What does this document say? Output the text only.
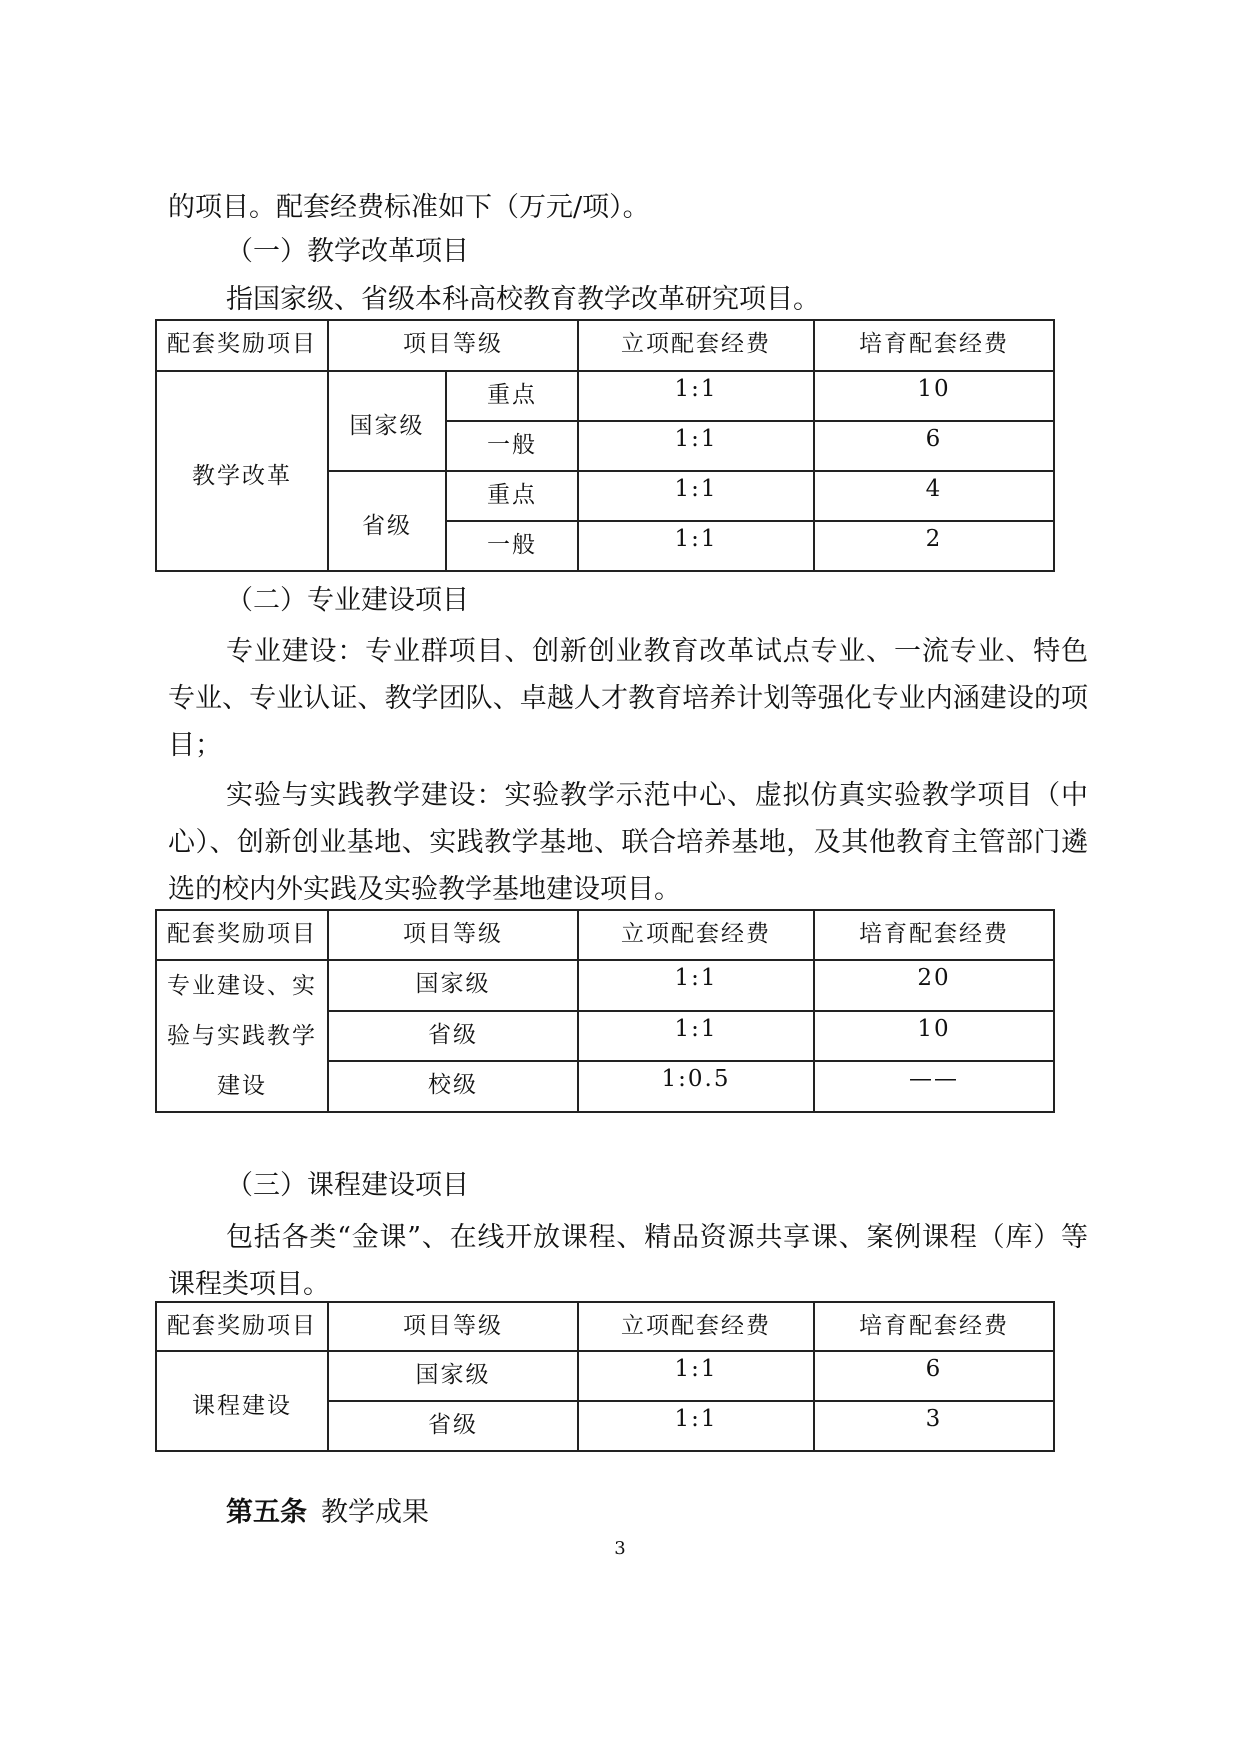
的项目。配套经费标准如下（万元/项）。

（一）教学改革项目

指国家级、省级本科高校教育教学改革研究项目。

配套奖励项目	项目等级		立项配套经费	培育配套经费
教学改革	国家级	重点	1:1	10
		一般	1:1	6
	省级	重点	1:1	4
		一般	1:1	2

（二）专业建设项目

专业建设：专业群项目、创新创业教育改革试点专业、一流专业、特色专业、专业认证、教学团队、卓越人才教育培养计划等强化专业内涵建设的项目；

实验与实践教学建设：实验教学示范中心、虚拟仿真实验教学项目（中心）、创新创业基地、实践教学基地、联合培养基地，及其他教育主管部门遴选的校内外实践及实验教学基地建设项目。

配套奖励项目	项目等级	立项配套经费	培育配套经费

专业建设、实
验与实践教学
建设	国家级	1:1	20
	省级	1:1	10
	校级	1:0.5	——

（三）课程建设项目

包括各类“金课”、在线开放课程、精品资源共享课、案例课程（库）等课程类项目。

配套奖励项目	项目等级	立项配套经费	培育配套经费
课程建设	国家级	1:1	6
	省级	1:1	3

第五条 教学成果

3
